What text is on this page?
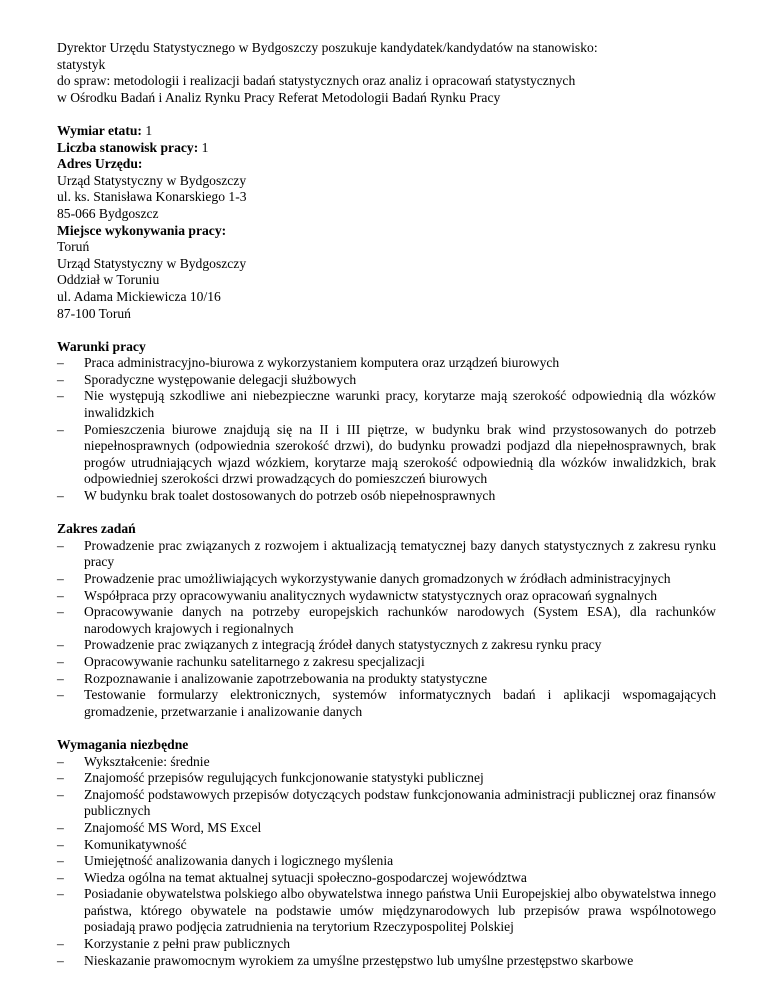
Dyrektor Urzędu Statystycznego w Bydgoszczy poszukuje kandydatek/kandydatów na stanowisko:
statystyk
do spraw: metodologii i realizacji badań statystycznych oraz analiz i opracowań statystycznych
w Ośrodku Badań i Analiz Rynku Pracy Referat Metodologii Badań Rynku Pracy
Wymiar etatu: 1
Liczba stanowisk pracy: 1
Adres Urzędu:
Urząd Statystyczny w Bydgoszczy
ul. ks. Stanisława Konarskiego 1-3
85-066 Bydgoszcz
Miejsce wykonywania pracy:
Toruń
Urząd Statystyczny w Bydgoszczy
Oddział w Toruniu
ul. Adama Mickiewicza 10/16
87-100 Toruń
Warunki pracy
– Praca administracyjno-biurowa z wykorzystaniem komputera oraz urządzeń biurowych
– Sporadyczne występowanie delegacji służbowych
– Nie występują szkodliwe ani niebezpieczne warunki pracy, korytarze mają szerokość odpowiednią dla wózków inwalidzkich
– Pomieszczenia biurowe znajdują się na II i III piętrze, w budynku brak wind przystosowanych do potrzeb niepełnosprawnych (odpowiednia szerokość drzwi), do budynku prowadzi podjazd dla niepełnosprawnych, brak progów utrudniających wjazd wózkiem, korytarze mają szerokość odpowiednią dla wózków inwalidzkich, brak odpowiedniej szerokości drzwi prowadzących do pomieszczeń biurowych
– W budynku brak toalet dostosowanych do potrzeb osób niepełnosprawnych
Zakres zadań
– Prowadzenie prac związanych z rozwojem i aktualizacją tematycznej bazy danych statystycznych z zakresu rynku pracy
– Prowadzenie prac umożliwiających wykorzystywanie danych gromadzonych w źródłach administracyjnych
– Współpraca przy opracowywaniu analitycznych wydawnictw statystycznych oraz opracowań sygnalnych
– Opracowywanie danych na potrzeby europejskich rachunków narodowych (System ESA), dla rachunków narodowych krajowych i regionalnych
– Prowadzenie prac związanych z integracją źródeł danych statystycznych z zakresu rynku pracy
– Opracowywanie rachunku satelitarnego z zakresu specjalizacji
– Rozpoznawanie i analizowanie zapotrzebowania na produkty statystyczne
– Testowanie formularzy elektronicznych, systemów informatycznych badań i aplikacji wspomagających gromadzenie, przetwarzanie i analizowanie danych
Wymagania niezbędne
– Wykształcenie: średnie
– Znajomość przepisów regulujących funkcjonowanie statystyki publicznej
– Znajomość podstawowych przepisów dotyczących podstaw funkcjonowania administracji publicznej oraz finansów publicznych
– Znajomość MS Word, MS Excel
– Komunikatywność
– Umiejętność analizowania danych i logicznego myślenia
– Wiedza ogólna na temat aktualnej sytuacji społeczno-gospodarczej województwa
– Posiadanie obywatelstwa polskiego albo obywatelstwa innego państwa Unii Europejskiej albo obywatelstwa innego państwa, którego obywatele na podstawie umów międzynarodowych lub przepisów prawa wspólnotowego posiadają prawo podjęcia zatrudnienia na terytorium Rzeczypospolitej Polskiej
– Korzystanie z pełni praw publicznych
– Nieskazanie prawomocnym wyrokiem za umyślne przestępstwo lub umyślne przestępstwo skarbowe
